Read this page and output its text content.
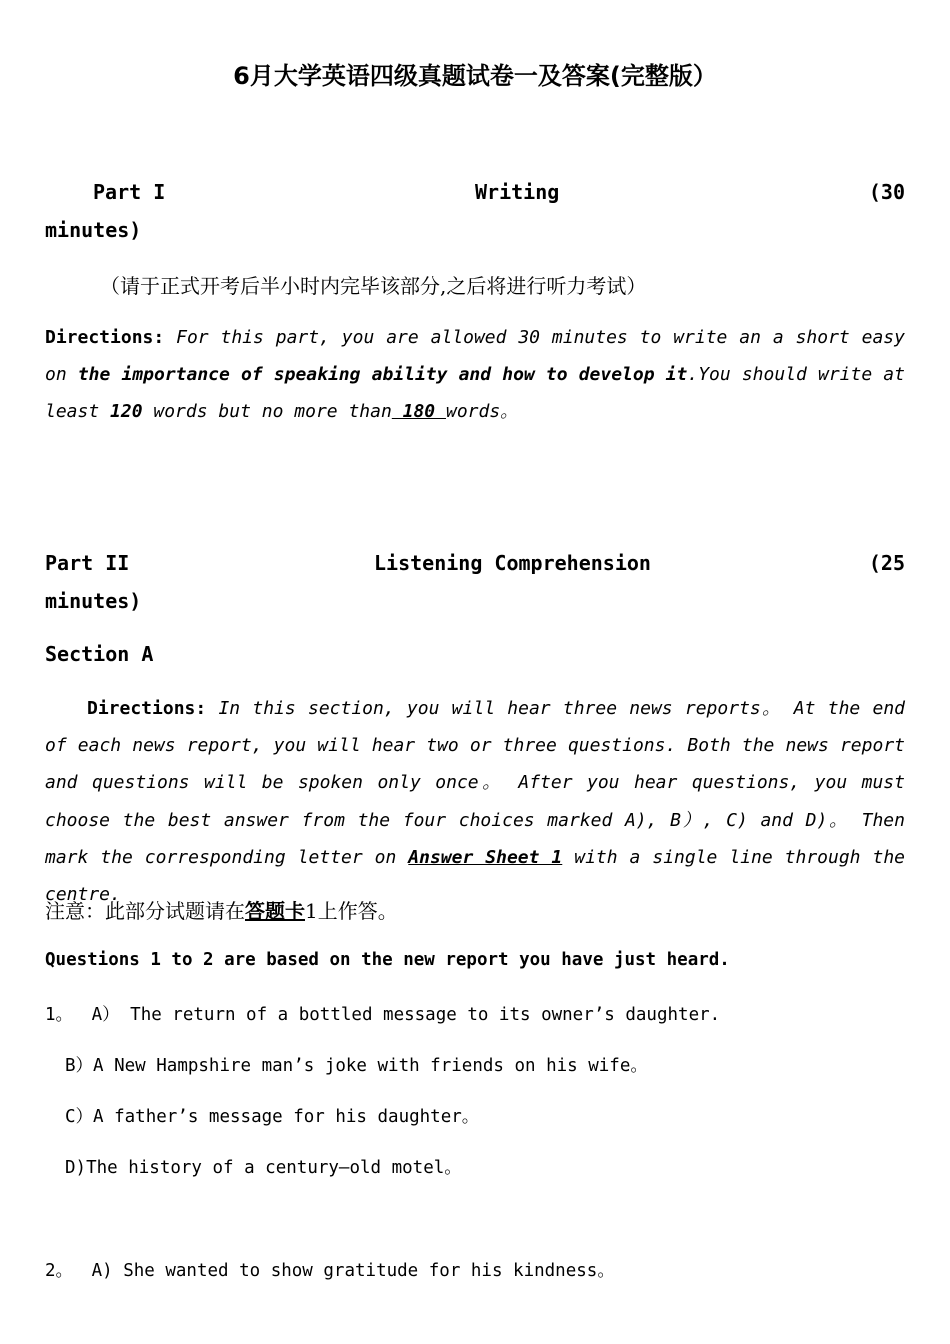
6月大学英语四级真题试卷一及答案(完整版）
Part I	Writing	(30
minutes)
（请于正式开考后半小时内完毕该部分,之后将进行听力考试）
Directions: For this part, you are allowed 30 minutes to write an a short easy on the importance of speaking ability and how to develop it.You should write at least 120 words but no more than 180 words。
Part II	Listening Comprehension	(25
minutes)
Section A
Directions: In this section, you will hear three news reports。 At the end of each news report, you will hear two or three questions. Both the news report and questions will be spoken only once。 After you hear questions, you must choose the best answer from the four choices marked A), B）, C) and D)。 Then mark the corresponding letter on Answer Sheet 1 with a single line through the centre.
注意：此部分试题请在答题卡1上作答。
Questions 1 to 2 are based on the new report you have just heard.
1。 A） The return of a bottled message to its owner’s daughter.
B）A New Hampshire man’s joke with friends on his wife。
C）A father’s message for his daughter。
D)The history of a century—old motel。
2。 A) She wanted to show gratitude for his kindness。
